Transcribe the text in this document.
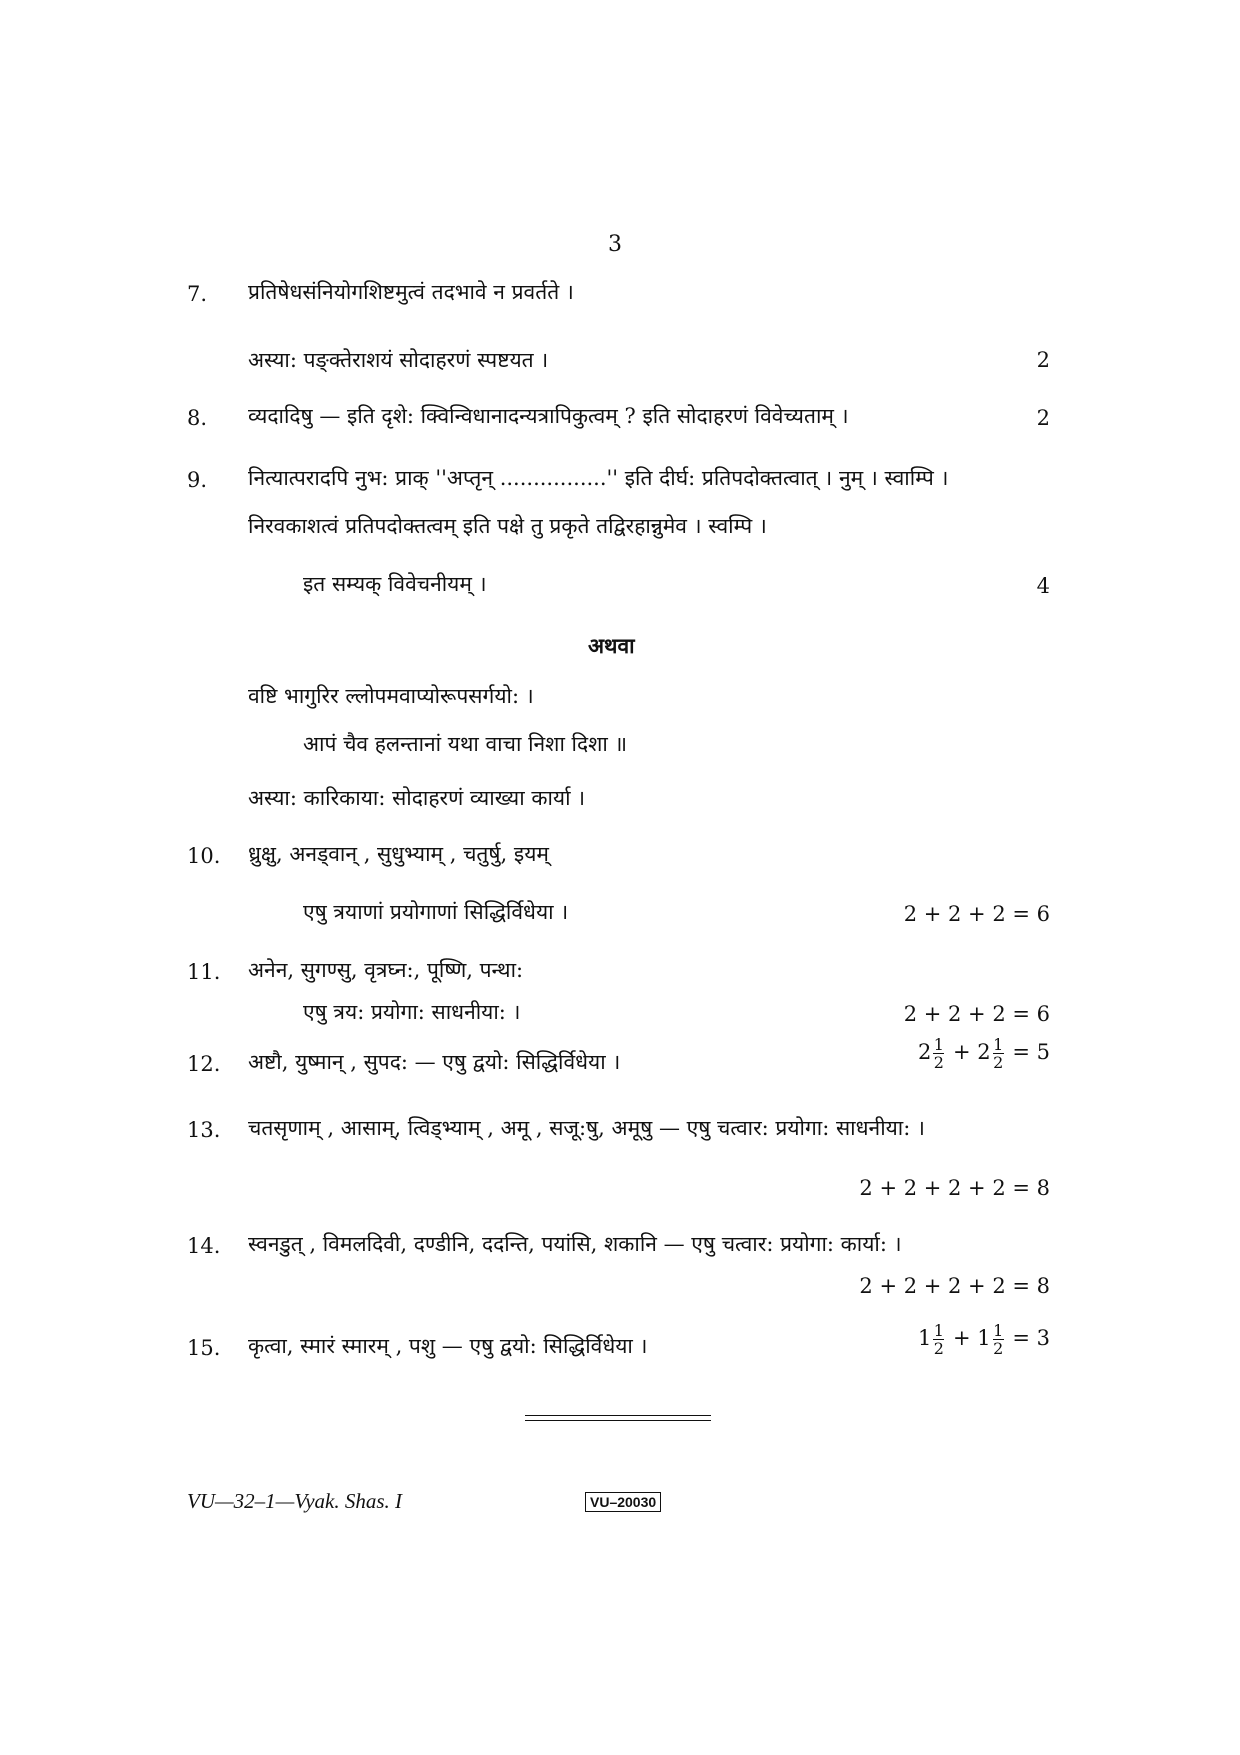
3
7. प्रतिषेधसंनियोगशिष्टमुत्वं तदभावे न प्रवर्तते ।
अस्या: पङ्क्तेराशयं सोदाहरणं स्पष्टयत ।	2
8. व्यदादिषु — इति दृशे: क्विन्विधानादन्यत्रापिकुत्वम् ? इति सोदाहरणं विवेच्यताम् ।	2
9. नित्यात्परादपि नुभ: प्राक् ''अप्तृन् ................'' इति दीर्घ: प्रतिपदोक्तत्वात् । नुम् । स्वाम्पि ।
निरवकाशत्वं प्रतिपदोक्तत्वम् इति पक्षे तु प्रकृते तद्विरहान्नुमेव । स्वम्पि ।
इत सम्यक् विवेचनीयम् ।	4
अथवा
वष्टि भागुरिर ल्लोपमवाप्योरूपसर्गयो: ।
आपं चैव हलन्तानां यथा वाचा निशा दिशा ॥
अस्या: कारिकाया: सोदाहरणं व्याख्या कार्या ।
10. ध्रुक्षु, अनड्वान् , सुधुभ्याम् , चतुर्षु, इयम्
एषु त्रयाणां प्रयोगाणां सिद्धिर्विधेया ।	2 + 2 + 2 = 6
11. अनेन, सुगण्सु, वृत्रघ्न:, पूष्णि, पन्था:
एषु त्रय: प्रयोगा: साधनीया: ।	2 + 2 + 2 = 6
12. अष्टौ, युष्मान् , सुपद: — एषु द्वयो: सिद्धिर्विधेया ।	$2 \frac{1}{2} + 2 \frac{1}{2} = 5$
13. चतसृणाम् , आसाम्, त्विड्भ्याम् , अमू , सजू:षु, अमूषु — एषु चत्वार: प्रयोगा: साधनीया: ।
2 + 2 + 2 + 2 = 8
14. स्वनडुत् , विमलदिवी, दण्डीनि, ददन्ति, पयांसि, शकानि — एषु चत्वार: प्रयोगा: कार्या: ।
2 + 2 + 2 + 2 = 8
15. कृत्वा, स्मारं स्मारम् , पशु — एषु द्वयो: सिद्धिर्विधेया ।	$1 \frac{1}{2} + 1 \frac{1}{2} = 3$
VU—32–1—Vyak. Shas. I	VU–20030
